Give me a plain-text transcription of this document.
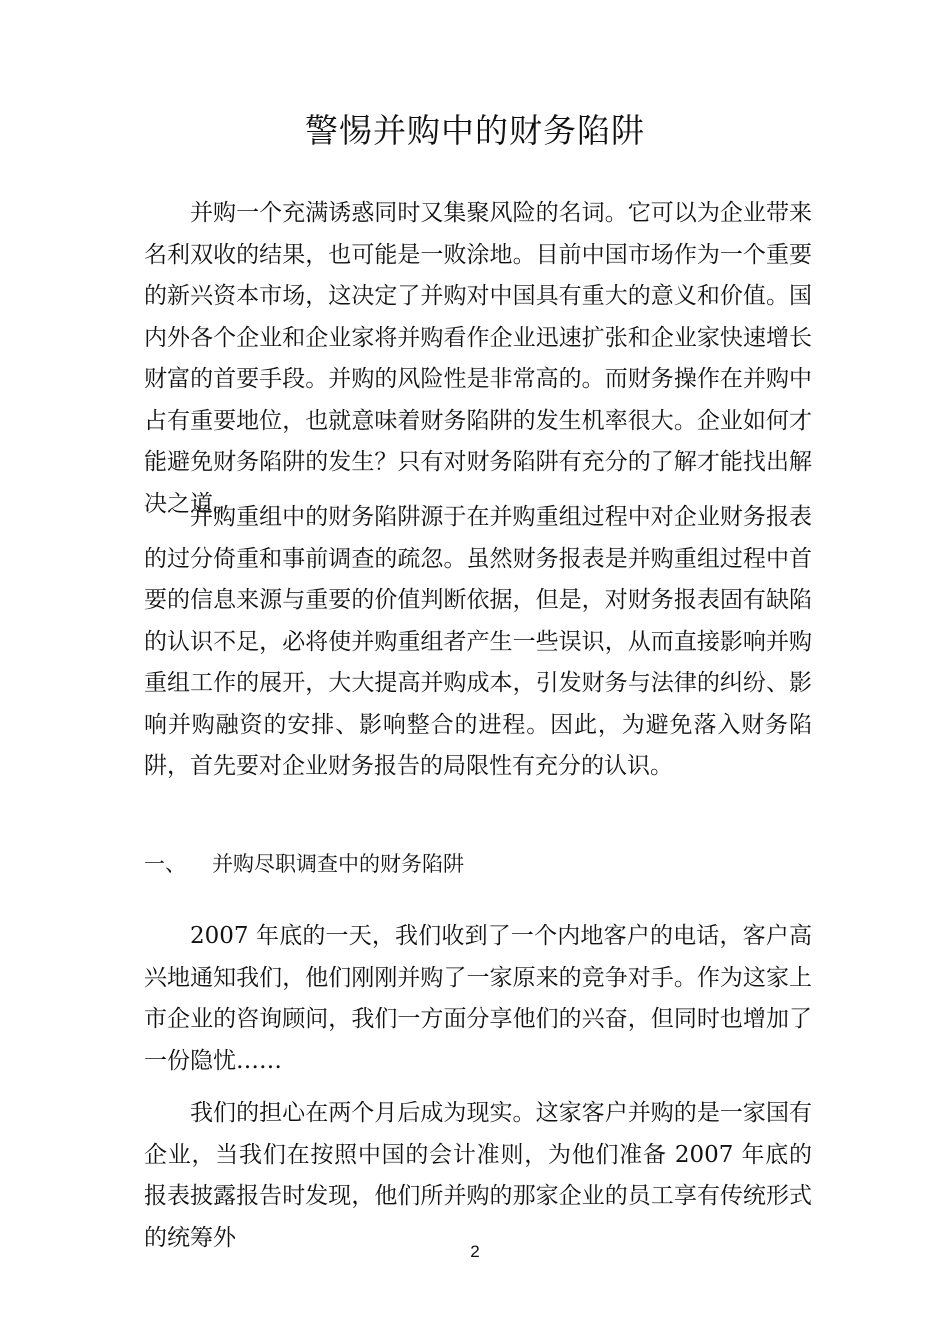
警惕并购中的财务陷阱

并购一个充满诱惑同时又集聚风险的名词。它可以为企业带来名利双收的结果，也可能是一败涂地。目前中国市场作为一个重要的新兴资本市场，这决定了并购对中国具有重大的意义和价值。国内外各个企业和企业家将并购看作企业迅速扩张和企业家快速增长财富的首要手段。并购的风险性是非常高的。而财务操作在并购中占有重要地位，也就意味着财务陷阱的发生机率很大。企业如何才能避免财务陷阱的发生？只有对财务陷阱有充分的了解才能找出解决之道。

并购重组中的财务陷阱源于在并购重组过程中对企业财务报表的过分倚重和事前调查的疏忽。虽然财务报表是并购重组过程中首要的信息来源与重要的价值判断依据，但是，对财务报表固有缺陷的认识不足，必将使并购重组者产生一些误识，从而直接影响并购重组工作的展开，大大提高并购成本，引发财务与法律的纠纷、影响并购融资的安排、影响整合的进程。因此，为避免落入财务陷阱，首先要对企业财务报告的局限性有充分的认识。

一、 并购尽职调查中的财务陷阱

2007 年底的一天，我们收到了一个内地客户的电话，客户高兴地通知我们，他们刚刚并购了一家原来的竞争对手。作为这家上市企业的咨询顾问，我们一方面分享他们的兴奋，但同时也增加了一份隐忧……

我们的担心在两个月后成为现实。这家客户并购的是一家国有企业，当我们在按照中国的会计准则，为他们准备 2007 年底的报表披露报告时发现，他们所并购的那家企业的员工享有传统形式的统筹外

2
